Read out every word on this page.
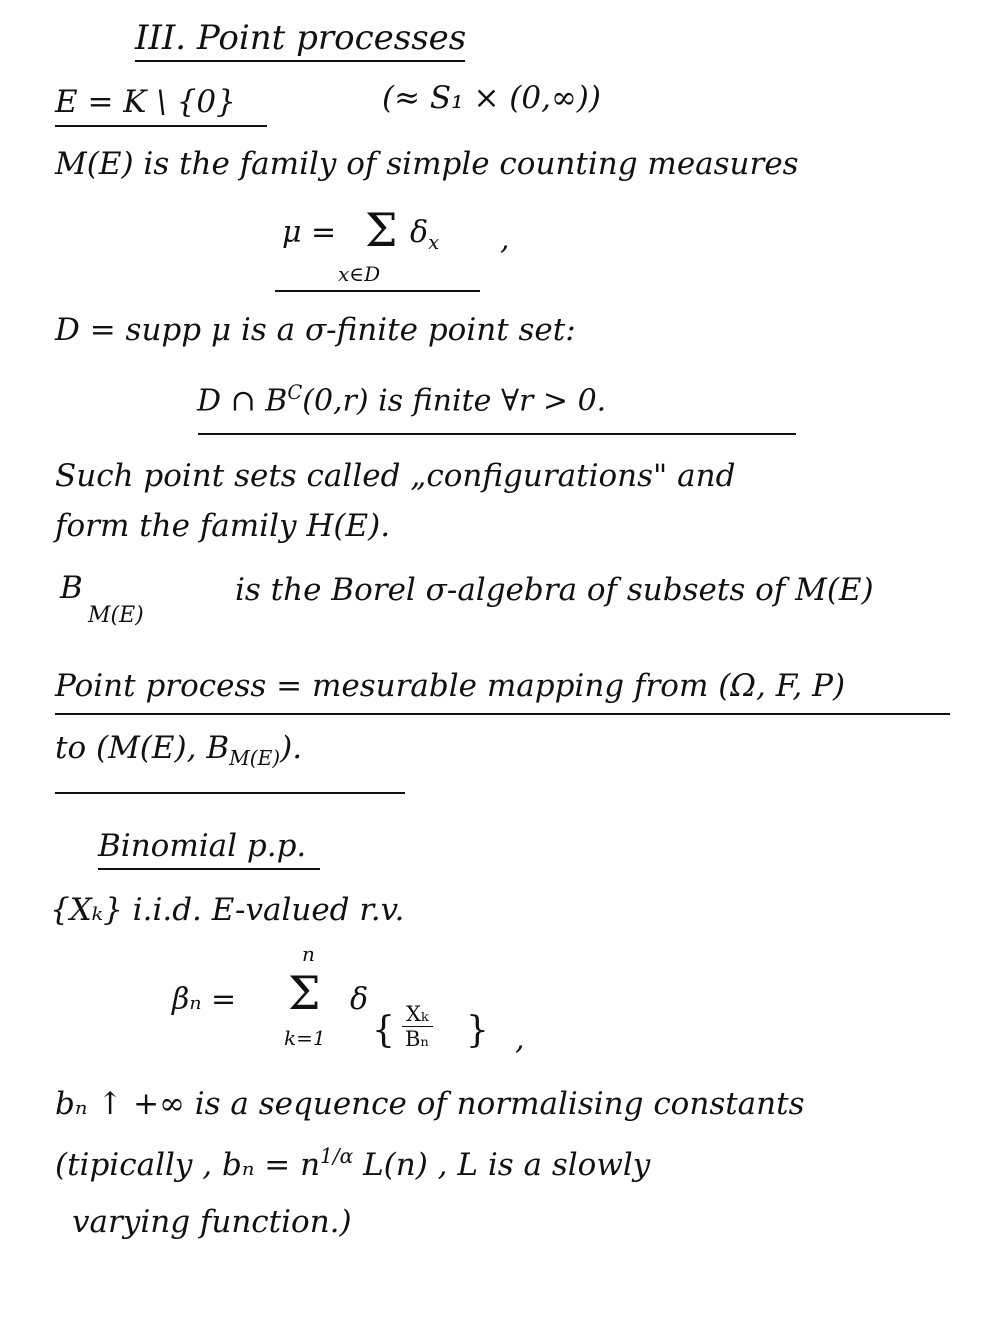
III. Point processes
E = K \ {0}	(≈ S₁ × (0,∞))
M(E) is the family of simple counting measures
μ = Σ $\delta_x$ ,
x∈D
D = supp μ is a σ-finite point set:
D ∩ $B^C(0,r)$ is finite ∀r > 0.
Such point sets called „configurations" and
form the family H(E).
B
M(E)
is the Borel σ-algebra of subsets of M(E)
Point process = mesurable mapping from (Ω, F, P)
to (M(E), $B_{M(E)}$).
Binomial p.p.
{Xₖ} i.i.d. E-valued r.v.
βₙ =
n
Σ
k=1
δ
{ $\frac{\text{Xₖ}}{\text{Bₙ}}$ } ,
bₙ ↑ +∞ is a sequence of normalising constants
(tipically , $b_n = n^{1/\alpha}$ L(n) , L is a slowly
varying function.)
